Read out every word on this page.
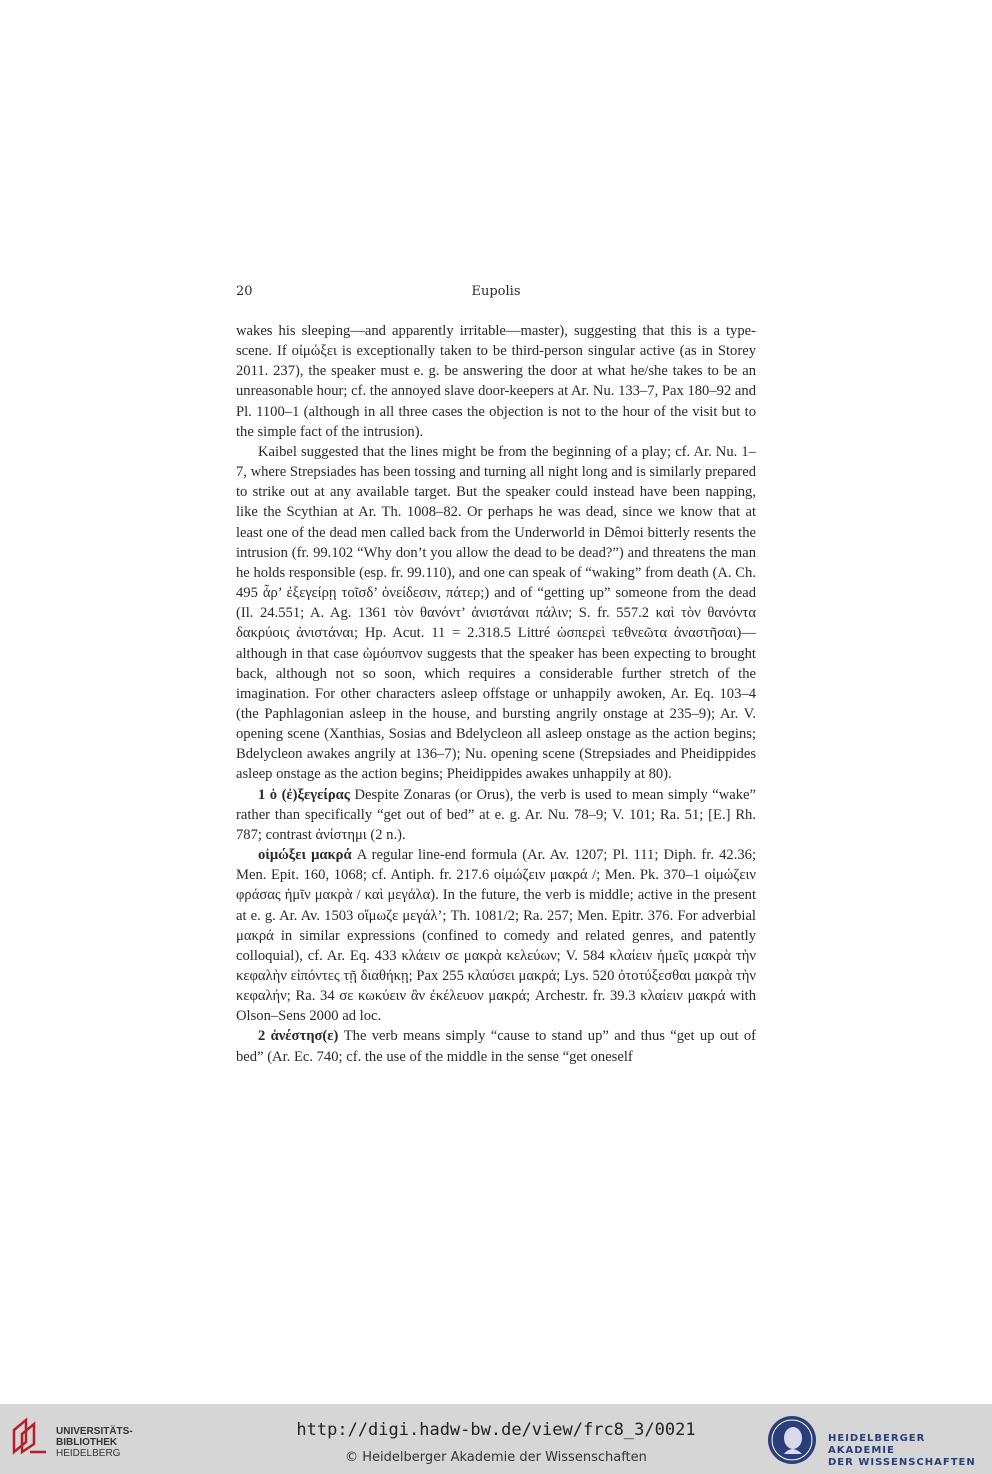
20	Eupolis

wakes his sleeping—and apparently irritable—master), suggesting that this is a type-scene. If οἰμώξει is exceptionally taken to be third-person singular active (as in Storey 2011. 237), the speaker must e. g. be answering the door at what he/she takes to be an unreasonable hour; cf. the annoyed slave door-keepers at Ar. Nu. 133–7, Pax 180–92 and Pl. 1100–1 (although in all three cases the objection is not to the hour of the visit but to the simple fact of the intrusion).

Kaibel suggested that the lines might be from the beginning of a play; cf. Ar. Nu. 1–7, where Strepsiades has been tossing and turning all night long and is similarly prepared to strike out at any available target. But the speaker could instead have been napping, like the Scythian at Ar. Th. 1008–82. Or perhaps he was dead, since we know that at least one of the dead men called back from the Underworld in Dêmoi bitterly resents the intrusion (fr. 99.102 “Why don’t you allow the dead to be dead?”) and threatens the man he holds responsible (esp. fr. 99.110), and one can speak of “waking” from death (A. Ch. 495 ἆρ’ ἐξεγείρῃ τοῖσδ’ ὀνείδεσιν, πάτερ;) and of “getting up” someone from the dead (Il. 24.551; A. Ag. 1361 τὸν θανόντ’ ἀνιστάναι πάλιν; S. fr. 557.2 καὶ τὸν θανόντα δακρύοις ἀνιστάναι; Hp. Acut. 11 = 2.318.5 Littré ὡσπερεὶ τεθνεῶτα ἀναστῆσαι)—although in that case ὠμόυπνον suggests that the speaker has been expecting to brought back, although not so soon, which requires a considerable further stretch of the imagination. For other characters asleep offstage or unhappily awoken, Ar. Eq. 103–4 (the Paphlagonian asleep in the house, and bursting angrily onstage at 235–9); Ar. V. opening scene (Xanthias, Sosias and Bdelycleon all asleep onstage as the action begins; Bdelycleon awakes angrily at 136–7); Nu. opening scene (Strepsiades and Pheidippides asleep onstage as the action begins; Pheidippides awakes unhappily at 80).

1 ὁ (ἐ)ξεγείρας Despite Zonaras (or Orus), the verb is used to mean simply “wake” rather than specifically “get out of bed” at e. g. Ar. Nu. 78–9; V. 101; Ra. 51; [E.] Rh. 787; contrast ἀνίστημι (2 n.).

οἰμώξει μακρά A regular line-end formula (Ar. Av. 1207; Pl. 111; Diph. fr. 42.36; Men. Epit. 160, 1068; cf. Antiph. fr. 217.6 οἰμώζειν μακρά /; Men. Pk. 370–1 οἰμώζειν φράσας ἡμῖν μακρὰ / καὶ μεγάλα). In the future, the verb is middle; active in the present at e. g. Ar. Av. 1503 οἴμωζε μεγάλ’; Th. 1081/2; Ra. 257; Men. Epitr. 376. For adverbial μακρά in similar expressions (confined to comedy and related genres, and patently colloquial), cf. Ar. Eq. 433 κλάειν σε μακρὰ κελεύων; V. 584 κλαίειν ἡμεῖς μακρὰ τὴν κεφαλὴν εἰπόντες τῇ διαθήκῃ; Pax 255 κλαύσει μακρά; Lys. 520 ὀτοτύξεσθαι μακρὰ τὴν κεφαλήν; Ra. 34 σε κωκύειν ἂν ἐκέλευον μακρά; Archestr. fr. 39.3 κλαίειν μακρά with Olson–Sens 2000 ad loc.

2 ἀνέστησ(ε) The verb means simply “cause to stand up” and thus “get up out of bed” (Ar. Ec. 740; cf. the use of the middle in the sense “get oneself

UNIVERSITÄTS-
BIBLIOTHEK
HEIDELBERG
http://digi.hadw-bw.de/view/frc8_3/0021
© Heidelberger Akademie der Wissenschaften
HEIDELBERGER AKADEMIE
DER WISSENSCHAFTEN
